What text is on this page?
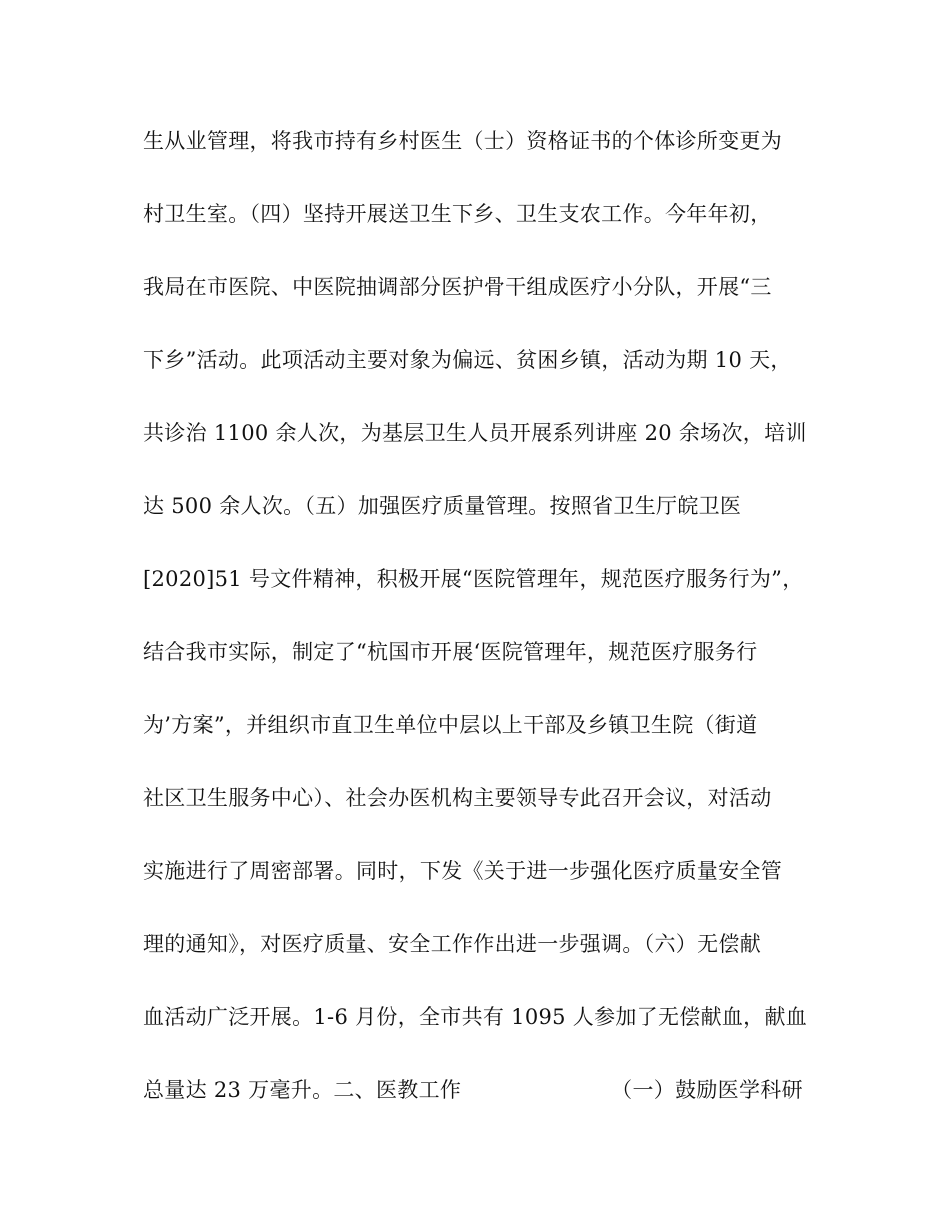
生从业管理，将我市持有乡村医生（士）资格证书的个体诊所变更为
村卫生室。（四）坚持开展送卫生下乡、卫生支农工作。今年年初，
我局在市医院、中医院抽调部分医护骨干组成医疗小分队，开展“三
下乡”活动。此项活动主要对象为偏远、贫困乡镇，活动为期 10 天，
共诊治 1100 余人次，为基层卫生人员开展系列讲座 20 余场次，培训
达 500 余人次。（五）加强医疗质量管理。按照省卫生厅皖卫医
[2020]51 号文件精神，积极开展“医院管理年，规范医疗服务行为”，
结合我市实际，制定了“杭国市开展‘医院管理年，规范医疗服务行
为’方案”，并组织市直卫生单位中层以上干部及乡镇卫生院（街道
社区卫生服务中心）、社会办医机构主要领导专此召开会议，对活动
实施进行了周密部署。同时，下发《关于进一步强化医疗质量安全管
理的通知》，对医疗质量、安全工作作出进一步强调。（六）无偿献
血活动广泛开展。1-6 月份，全市共有 1095 人参加了无偿献血，献血
总量达 23 万毫升。二、医教工作	（一）鼓励医学科研
